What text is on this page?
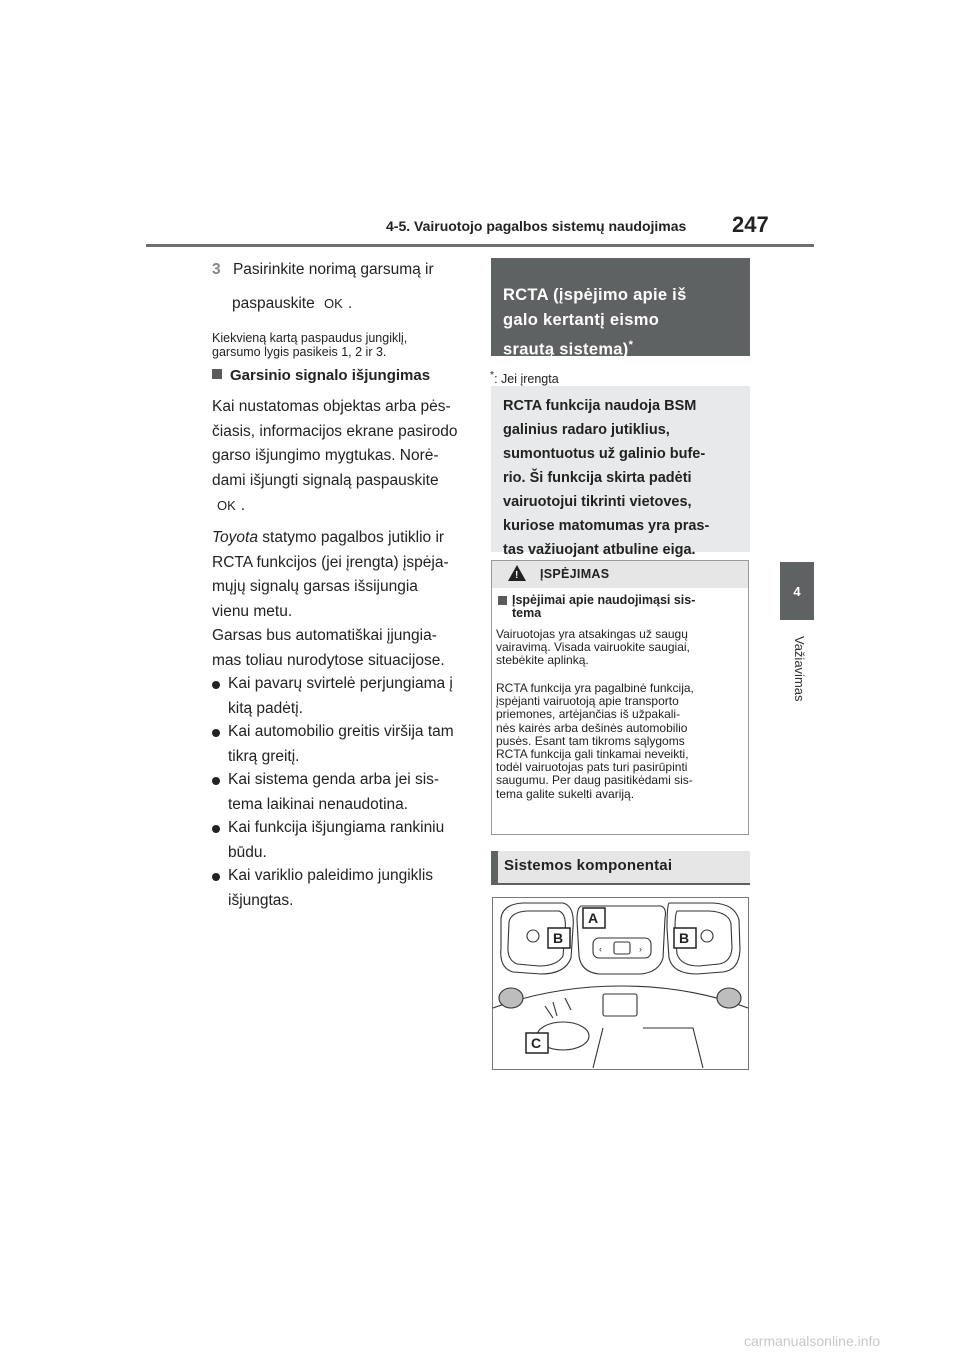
4-5. Vairuotojo pagalbos sistemų naudojimas 247
4
Važiavimas
3 Pasirinkite norimą garsumą ir
paspauskite OK .
Kiekvieną kartą paspaudus jungiklį,
garsumo lygis pasikeis 1, 2 ir 3.
Garsinio signalo išjungimas
Kai nustatomas objektas arba pės-
čiasis, informacijos ekrane pasirodo
garso išjungimo mygtukas. Norė-
dami išjungti signalą paspauskite
OK .
Toyota statymo pagalbos jutiklio ir
RCTA funkcijos (jei įrengta) įspėja-
mųjų signalų garsas išsijungia
vienu metu.
Garsas bus automatiškai įjungia-
mas toliau nurodytose situacijose.
Kai pavarų svirtelė perjungiama į
kitą padėtį.
Kai automobilio greitis viršija tam
tikrą greitį.
Kai sistema genda arba jei sis-
tema laikinai nenaudotina.
Kai funkcija išjungiama rankiniu
būdu.
Kai variklio paleidimo jungiklis
išjungtas.
RCTA (įspėjimo apie iš
galo kertantį eismo
srautą sistema)*
*: Jei įrengta
RCTA funkcija naudoja BSM
galinius radaro jutiklius,
sumontuotus už galinio bufe-
rio. Ši funkcija skirta padėti
vairuotojui tikrinti vietoves,
kuriose matomumas yra pras-
tas važiuojant atbuline eiga.
! ĮSPĖJIMAS
Įspėjimai apie naudojimąsi sis-
tema
Vairuotojas yra atsakingas už saugų
vairavimą. Visada vairuokite saugiai,
stebėkite aplinką.
RCTA funkcija yra pagalbinė funkcija,
įspėjanti vairuotoją apie transporto
priemones, artėjančias iš užpakali-
nės kairės arba dešinės automobilio
pusės. Esant tam tikroms sąlygoms
RCTA funkcija gali tinkamai neveikti,
todėl vairuotojas pats turi pasirūpinti
saugumu. Per daug pasitikėdami sis-
tema galite sukelti avariją.
Sistemos komponentai
‹	›
B
A
B
C
carmanualsonline.info
